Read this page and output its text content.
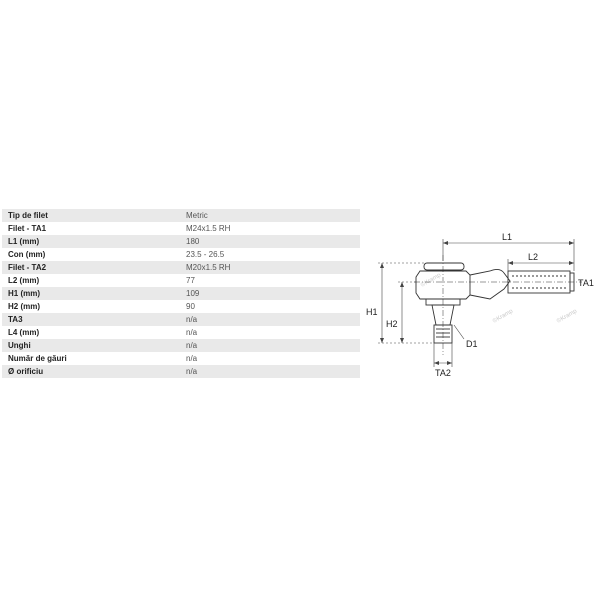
Tip de filet	Metric
Filet - TA1	M24x1.5 RH
L1 (mm)	180
Con (mm)	23.5 - 26.5
Filet - TA2	M20x1.5 RH
L2 (mm)	77
H1 (mm)	109
H2 (mm)	90
TA3	n/a
L4 (mm)	n/a
Unghi	n/a
Număr de găuri	n/a
Ø orificiu	n/a
©Kramp
©Kramp	©Kramp
L1
L2
TA1
H1
H2
D1
TA2
